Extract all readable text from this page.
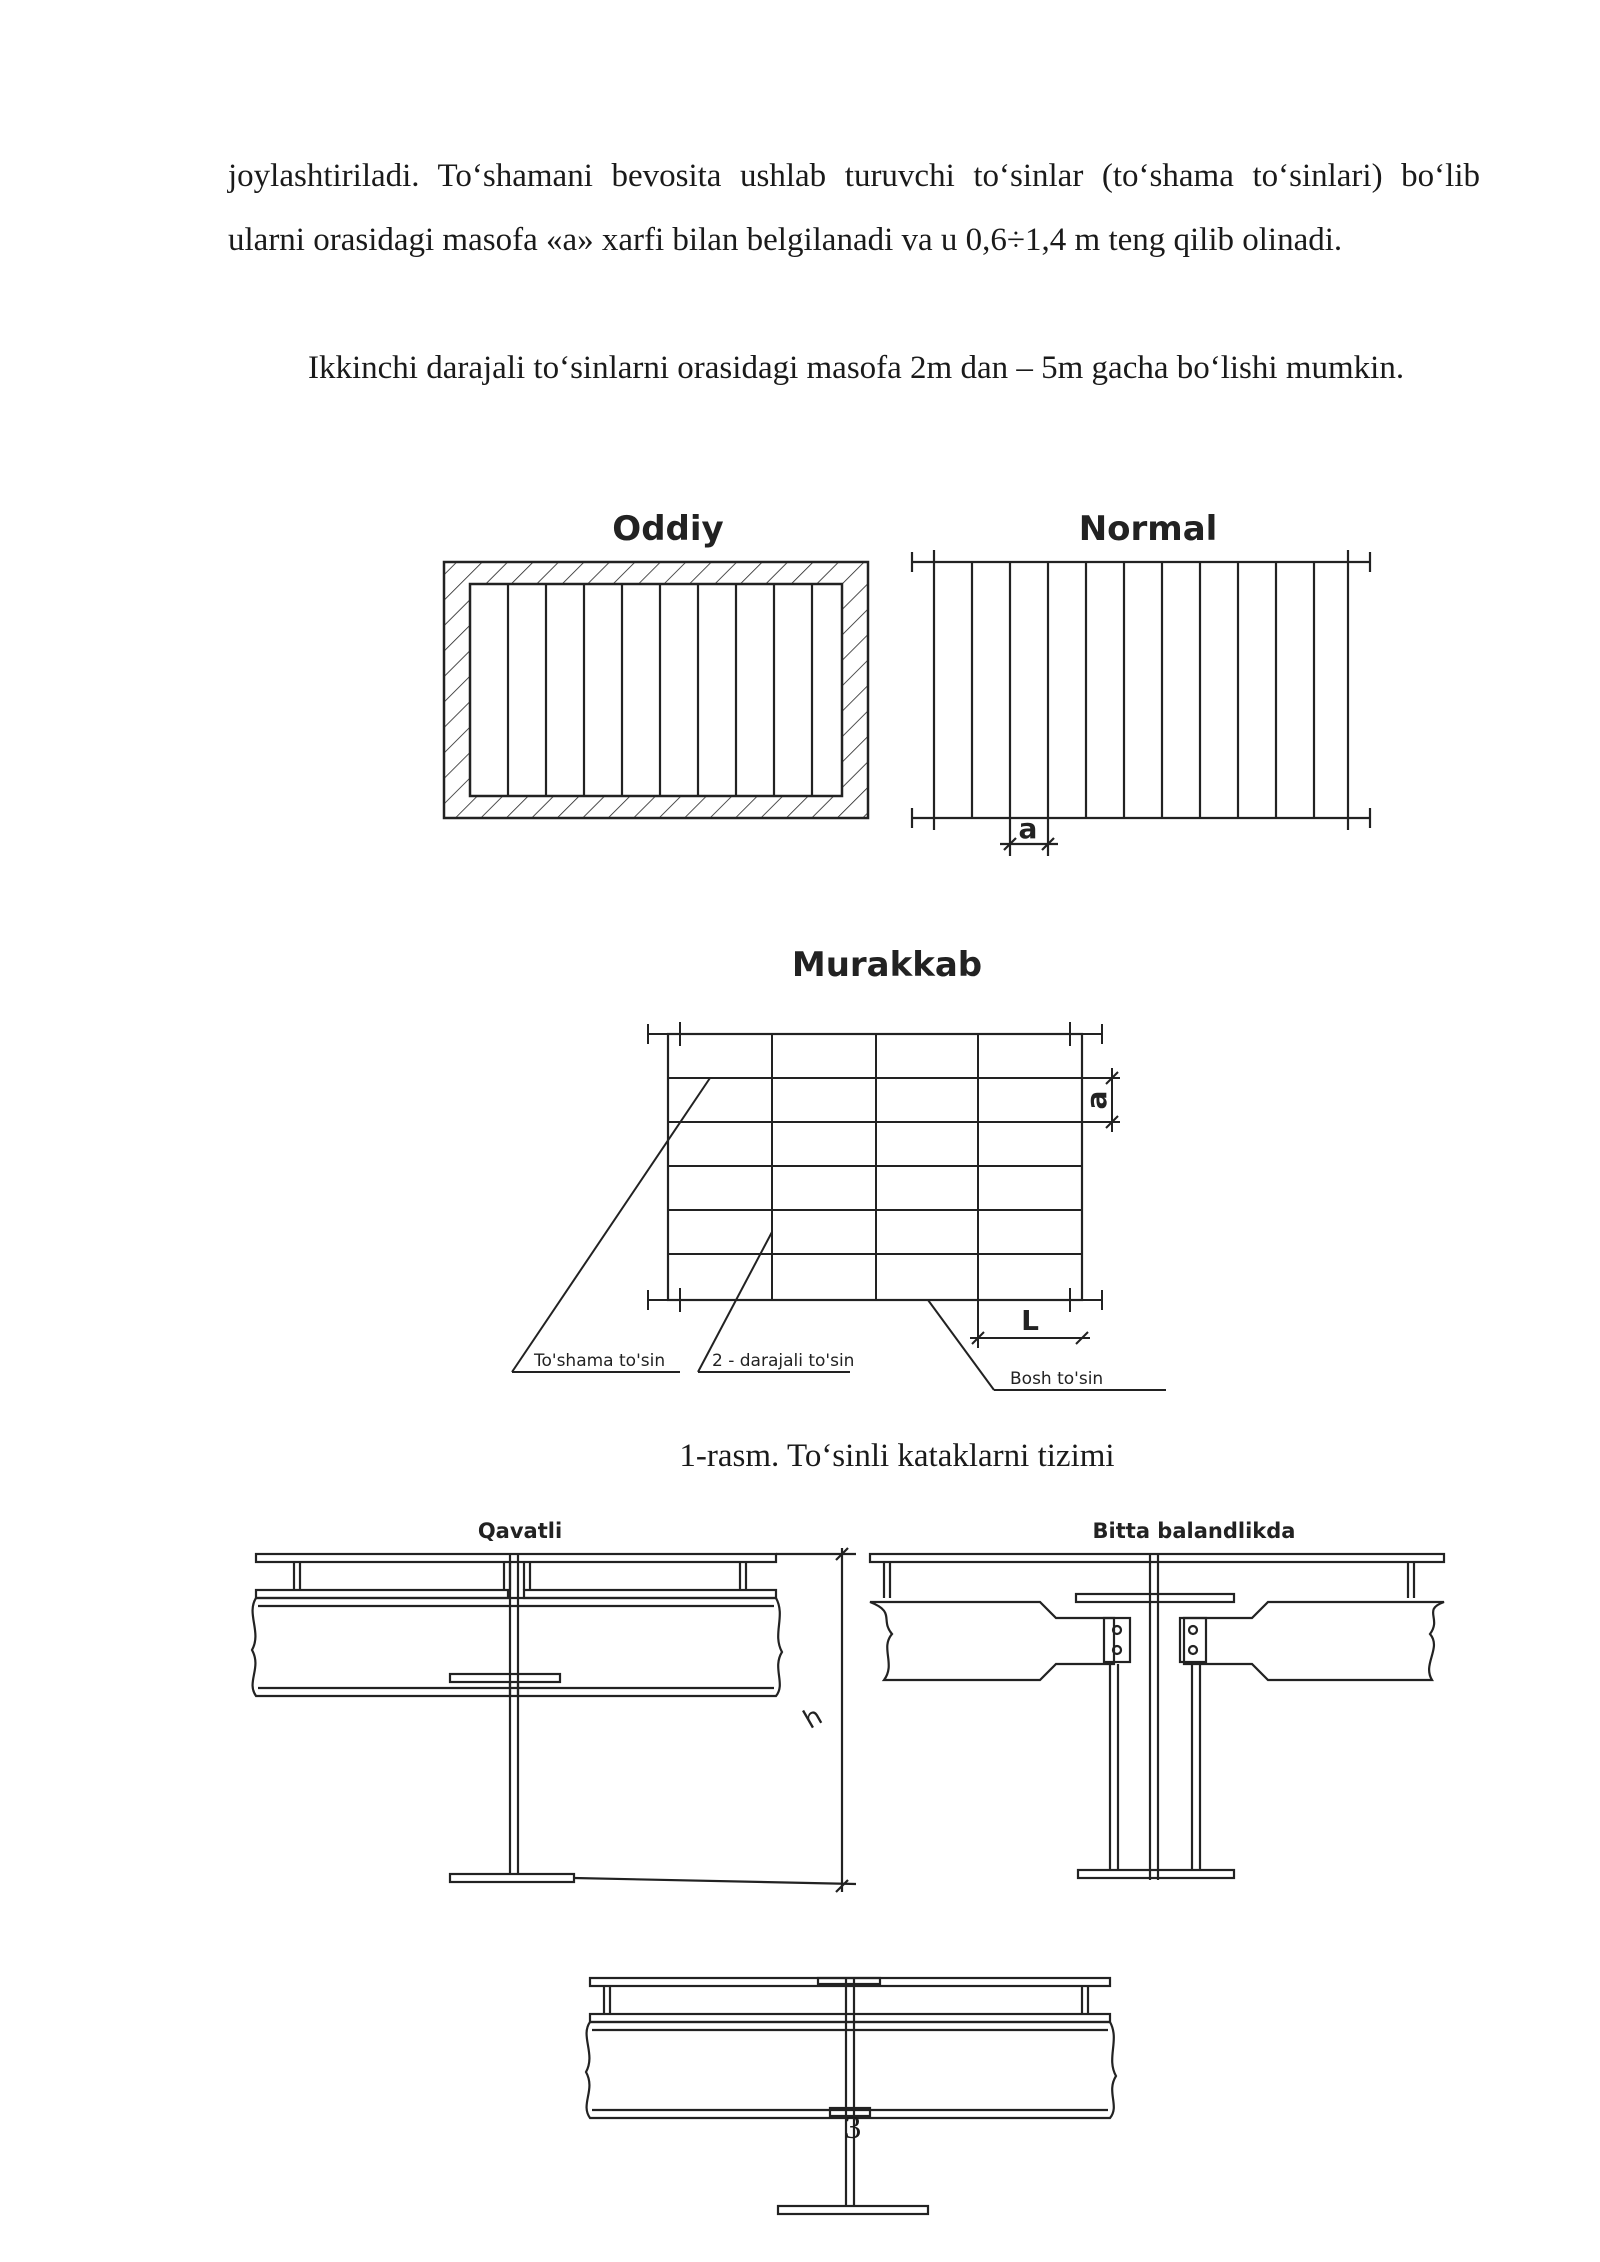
joylashtiriladi. To‘shamani bevosita ushlab turuvchi to‘sinlar (to‘shama to‘sinlari) bo‘lib ularni orasidagi masofa «a» xarfi bilan belgilanadi va u 0,6÷1,4 m teng qilib olinadi.

Ikkinchi darajali to‘sinlarni orasidagi masofa 2m dan – 5m gacha bo‘lishi mumkin.

Oddiy	Normal
a
Murakkab
a
L
To'shama to'sin	2 - darajali to'sin
Bosh to'sin
Qavatli
h
Bitta balandlikda
1-rasm. To‘sinli kataklarni tizimi
3
